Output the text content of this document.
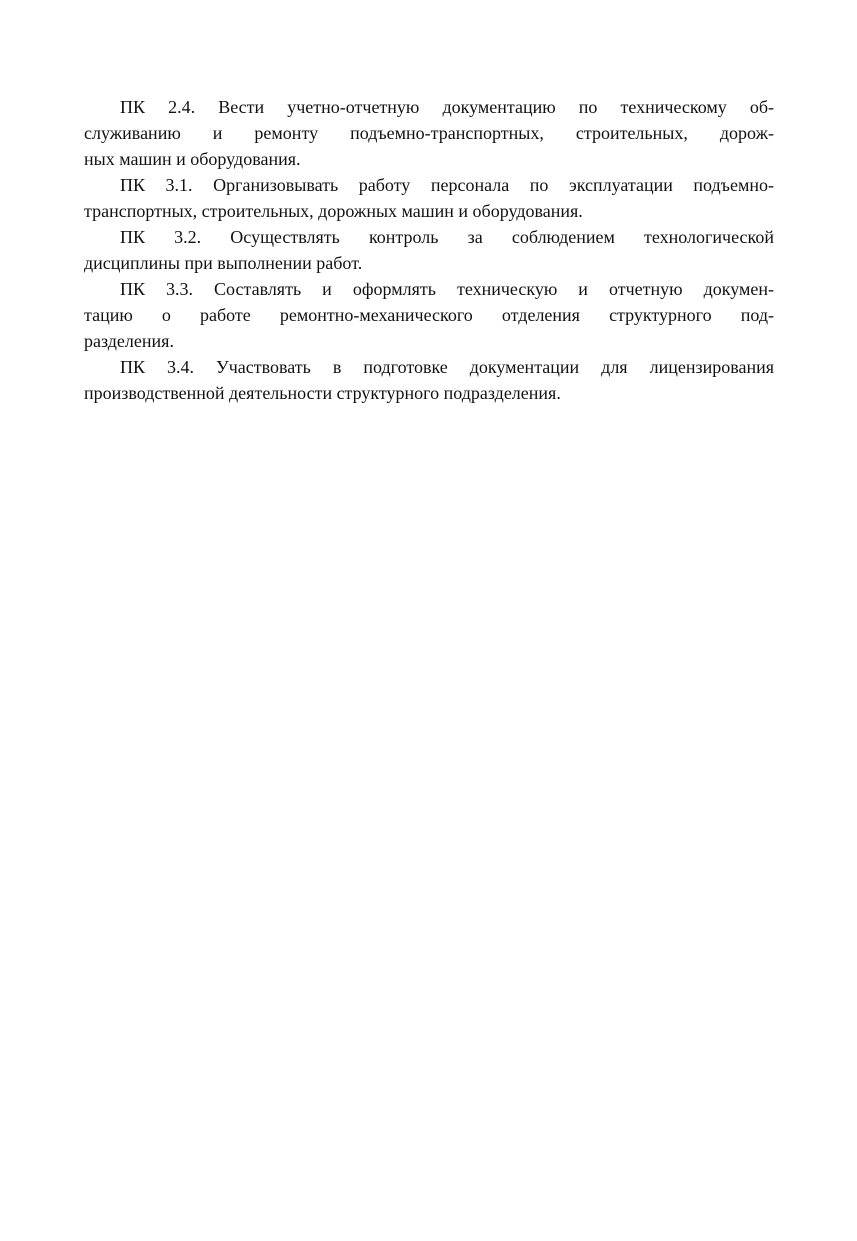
ПК 2.4. Вести учетно-отчетную документацию по техническому об-
служиванию и ремонту подъемно-транспортных, строительных, дорож-
ных машин и оборудования.
ПК 3.1. Организовывать работу персонала по эксплуатации подъемно-
транспортных, строительных, дорожных машин и оборудования.
ПК 3.2. Осуществлять контроль за соблюдением технологической
дисциплины при выполнении работ.
ПК 3.3. Составлять и оформлять техническую и отчетную докумен-
тацию о работе ремонтно-механического отделения структурного под-
разделения.
ПК 3.4. Участвовать в подготовке документации для лицензирования
производственной деятельности структурного подразделения.
